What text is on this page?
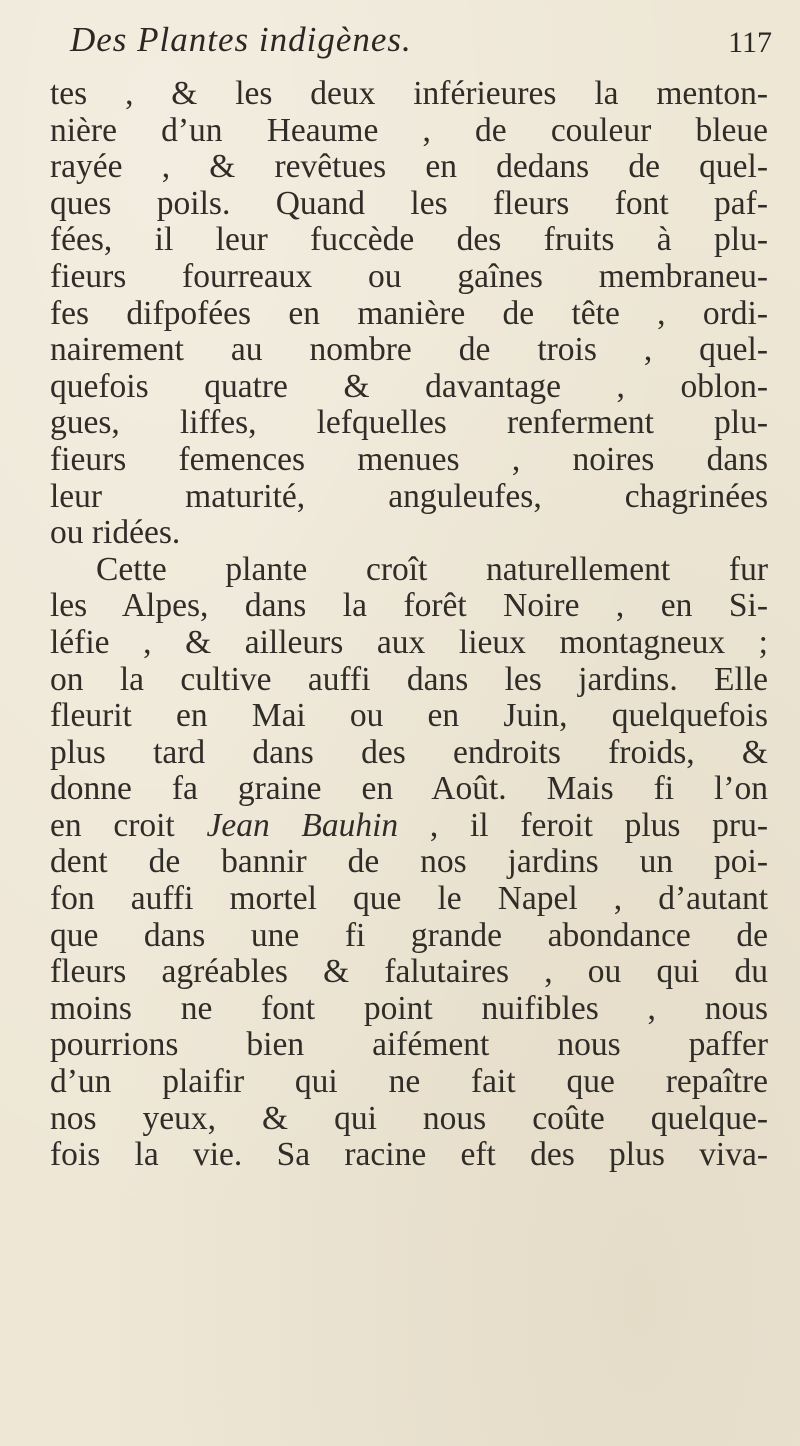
Des Plantes indigènes.	117
tes , & les deux inférieures la menton-
nière d’un Heaume , de couleur bleue
rayée , & revêtues en dedans de quel-
ques poils. Quand les fleurs font paf-
fées, il leur fuccède des fruits à plu-
fieurs fourreaux ou gaînes membraneu-
fes difpofées en manière de tête , ordi-
nairement au nombre de trois , quel-
quefois quatre & davantage , oblon-
gues, liffes, lefquelles renferment plu-
fieurs femences menues , noires dans
leur maturité, anguleufes, chagrinées
ou ridées.
Cette plante croît naturellement fur
les Alpes, dans la forêt Noire , en Si-
léfie , & ailleurs aux lieux montagneux ;
on la cultive auffi dans les jardins. Elle
fleurit en Mai ou en Juin, quelquefois
plus tard dans des endroits froids, &
donne fa graine en Août. Mais fi l’on
en croit Jean Bauhin , il feroit plus pru-
dent de bannir de nos jardins un poi-
fon auffi mortel que le Napel , d’autant
que dans une fi grande abondance de
fleurs agréables & falutaires , ou qui du
moins ne font point nuifibles , nous
pourrions bien aifément nous paffer
d’un plaifir qui ne fait que repaître
nos yeux, & qui nous coûte quelque-
fois la vie. Sa racine eft des plus viva-
